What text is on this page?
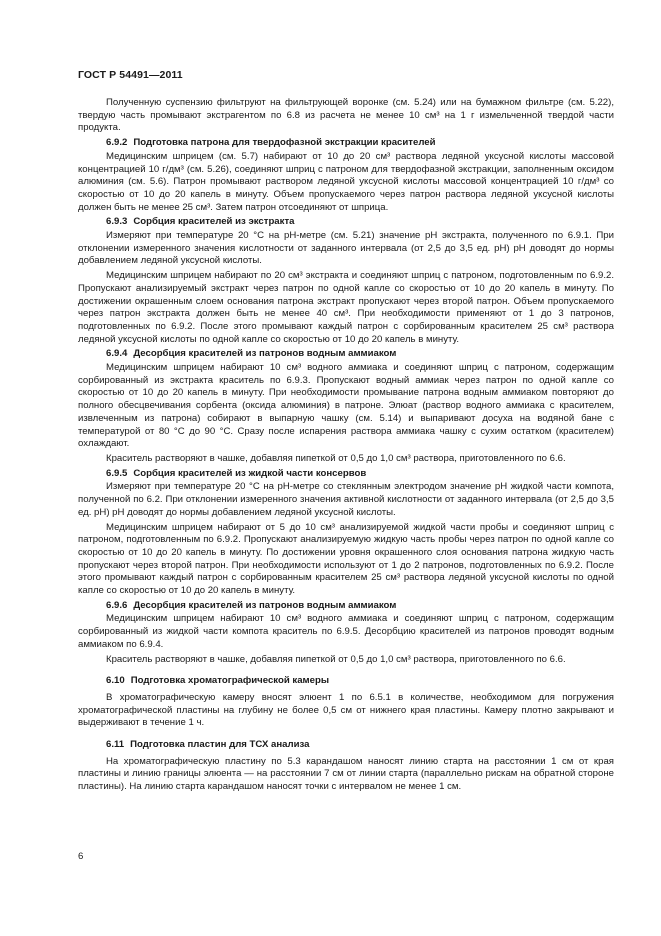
ГОСТ Р 54491—2011

Полученную суспензию фильтруют на фильтрующей воронке (см. 5.24) или на бумажном фильтре (см. 5.22), твердую часть промывают экстрагентом по 6.8 из расчета не менее 10 см³ на 1 г измельченной твердой части продукта.

6.9.2 Подготовка патрона для твердофазной экстракции красителей

Медицинским шприцем (см. 5.7) набирают от 10 до 20 см³ раствора ледяной уксусной кислоты массовой концентрацией 10 г/дм³ (см. 5.26), соединяют шприц с патроном для твердофазной экстракции, заполненным оксидом алюминия (см. 5.6). Патрон промывают раствором ледяной уксусной кислоты массовой концентрацией 10 г/дм³ со скоростью от 10 до 20 капель в минуту. Объем пропускаемого через патрон раствора ледяной уксусной кислоты должен быть не менее 25 см³. Затем патрон отсоединяют от шприца.

6.9.3 Сорбция красителей из экстракта

Измеряют при температуре 20 °С на рН-метре (см. 5.21) значение рН экстракта, полученного по 6.9.1. При отклонении измеренного значения кислотности от заданного интервала (от 2,5 до 3,5 ед. рН) рН доводят до нормы добавлением ледяной уксусной кислоты.

Медицинским шприцем набирают по 20 см³ экстракта и соединяют шприц с патроном, подготовленным по 6.9.2. Пропускают анализируемый экстракт через патрон по одной капле со скоростью от 10 до 20 капель в минуту. По достижении окрашенным слоем основания патрона экстракт пропускают через второй патрон. Объем пропускаемого через патрон экстракта должен быть не менее 40 см³. При необходимости применяют от 1 до 3 патронов, подготовленных по 6.9.2. После этого промывают каждый патрон с сорбированным красителем 25 см³ раствора ледяной уксусной кислоты по одной капле со скоростью от 10 до 20 капель в минуту.

6.9.4 Десорбция красителей из патронов водным аммиаком

Медицинским шприцем набирают 10 см³ водного аммиака и соединяют шприц с патроном, содержащим сорбированный из экстракта краситель по 6.9.3. Пропускают водный аммиак через патрон по одной капле со скоростью от 10 до 20 капель в минуту. При необходимости промывание патрона водным аммиаком повторяют до полного обесцвечивания сорбента (оксида алюминия) в патроне. Элюат (раствор водного аммиака с красителем, извлеченным из патрона) собирают в выпарную чашку (см. 5.14) и выпаривают досуха на водяной бане с температурой от 80 °С до 90 °С. Сразу после испарения раствора аммиака чашку с сухим остатком (красителем) охлаждают.

Краситель растворяют в чашке, добавляя пипеткой от 0,5 до 1,0 см³ раствора, приготовленного по 6.6.

6.9.5 Сорбция красителей из жидкой части консервов

Измеряют при температуре 20 °С на рН-метре со стеклянным электродом значение рН жидкой части компота, полученной по 6.2. При отклонении измеренного значения активной кислотности от заданного интервала (от 2,5 до 3,5 ед. рН) рН доводят до нормы добавлением ледяной уксусной кислоты.

Медицинским шприцем набирают от 5 до 10 см³ анализируемой жидкой части пробы и соединяют шприц с патроном, подготовленным по 6.9.2. Пропускают анализируемую жидкую часть пробы через патрон по одной капле со скоростью от 10 до 20 капель в минуту. По достижении уровня окрашенного слоя основания патрона жидкую часть пропускают через второй патрон. При необходимости используют от 1 до 2 патронов, подготовленных по 6.9.2. После этого промывают каждый патрон с сорбированным красителем 25 см³ раствора ледяной уксусной кислоты по одной капле со скоростью от 10 до 20 капель в минуту.

6.9.6 Десорбция красителей из патронов водным аммиаком

Медицинским шприцем набирают 10 см³ водного аммиака и соединяют шприц с патроном, содержащим сорбированный из жидкой части компота краситель по 6.9.5. Десорбцию красителей из патронов проводят водным аммиаком по 6.9.4.

Краситель растворяют в чашке, добавляя пипеткой от 0,5 до 1,0 см³ раствора, приготовленного по 6.6.

6.10 Подготовка хроматографической камеры

В хроматографическую камеру вносят элюент 1 по 6.5.1 в количестве, необходимом для погружения хроматографической пластины на глубину не более 0,5 см от нижнего края пластины. Камеру плотно закрывают и выдерживают в течение 1 ч.

6.11 Подготовка пластин для ТСХ анализа

На хроматографическую пластину по 5.3 карандашом наносят линию старта на расстоянии 1 см от края пластины и линию границы элюента — на расстоянии 7 см от линии старта (параллельно рискам на обратной стороне пластины). На линию старта карандашом наносят точки с интервалом не менее 1 см.

6
